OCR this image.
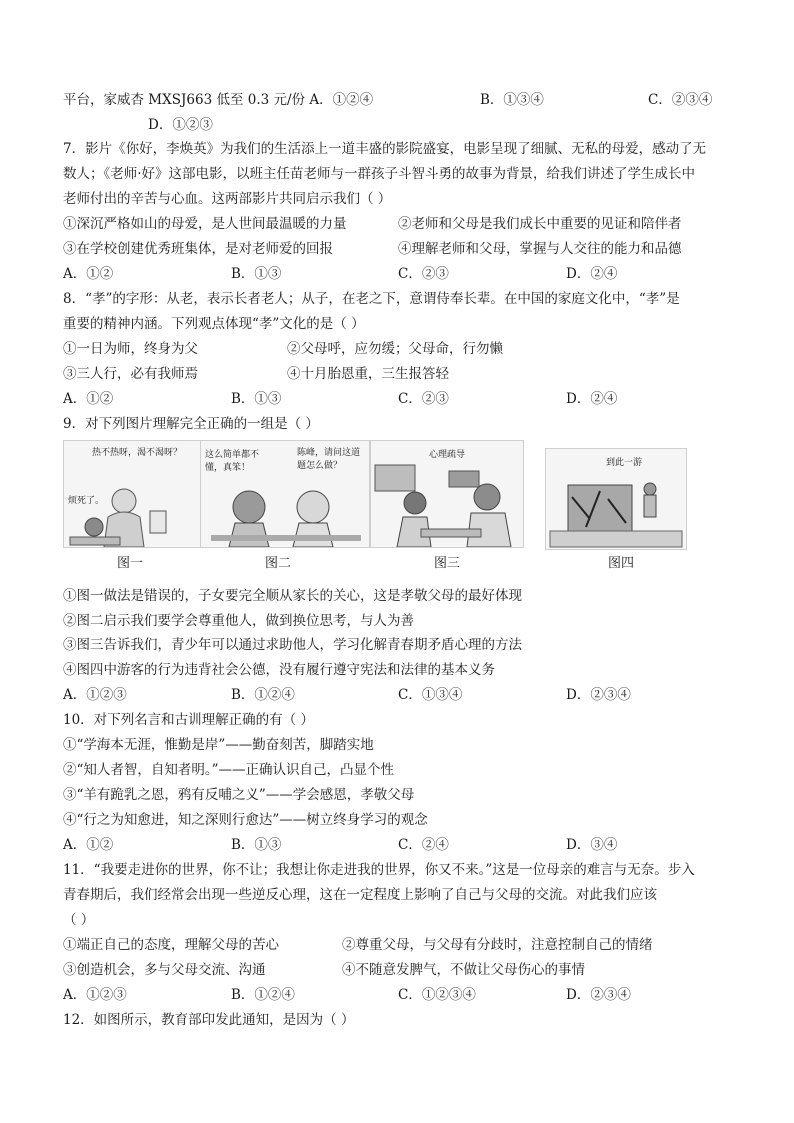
平台，家威杏 MXSJ663 低至 0.3 元/份 A．①②④	B．①③④	C．②③④
D．①②③
7．影片《你好，李焕英》为我们的生活添上一道丰盛的影院盛宴，电影呈现了细腻、无私的母爱，感动了无
数人；《老师·好》这部电影，以班主任苗老师与一群孩子斗智斗勇的故事为背景，给我们讲述了学生成长中
老师付出的辛苦与心血。这两部影片共同启示我们（ ）
①深沉严格如山的母爱，是人世间最温暖的力量	②老师和父母是我们成长中重要的见证和陪伴者
③在学校创建优秀班集体，是对老师爱的回报	④理解老师和父母，掌握与人交往的能力和品德
A．①②	B．①③	C．②③	D．②④
8．“孝”的字形：从老，表示长者老人；从子，在老之下，意谓侍奉长辈。在中国的家庭文化中，“孝”是
重要的精神内涵。下列观点体现“孝”文化的是（ ）
①一日为师，终身为父	②父母呼，应勿缓；父母命，行勿懒
③三人行，必有我师焉	④十月胎恩重，三生报答轻
A．①②	B．①③	C．②③	D．②④
9．对下列图片理解完全正确的一组是（ ）
热不热呀，渴不渴呀？
烦死了。
图一
这么简单都不懂，真笨！
陈峰，请问这道题怎么做？
图二
心理疏导
图三
到此一游
图四
①图一做法是错误的，子女要完全顺从家长的关心，这是孝敬父母的最好体现
②图二启示我们要学会尊重他人，做到换位思考，与人为善
③图三告诉我们，青少年可以通过求助他人，学习化解青春期矛盾心理的方法
④图四中游客的行为违背社会公德，没有履行遵守宪法和法律的基本义务
A．①②③	B．①②④	C．①③④	D．②③④
10．对下列名言和古训理解正确的有（ ）
①“学海本无涯，惟勤是岸”——勤奋刻苦，脚踏实地
②“知人者智，自知者明。”——正确认识自己，凸显个性
③“羊有跪乳之恩，鸦有反哺之义”——学会感恩，孝敬父母
④“行之为知愈进，知之深则行愈达”——树立终身学习的观念
A．①②	B．①③	C．②④	D．③④
11．“我要走进你的世界，你不让；我想让你走进我的世界，你又不来。”这是一位母亲的难言与无奈。步入
青春期后，我们经常会出现一些逆反心理，这在一定程度上影响了自己与父母的交流。对此我们应该
（ ）
①端正自己的态度，理解父母的苦心	②尊重父母，与父母有分歧时，注意控制自己的情绪
③创造机会，多与父母交流、沟通	④不随意发脾气，不做让父母伤心的事情
A．①②③	B．①②④	C．①②③④	D．②③④
12．如图所示，教育部印发此通知，是因为（ ）
